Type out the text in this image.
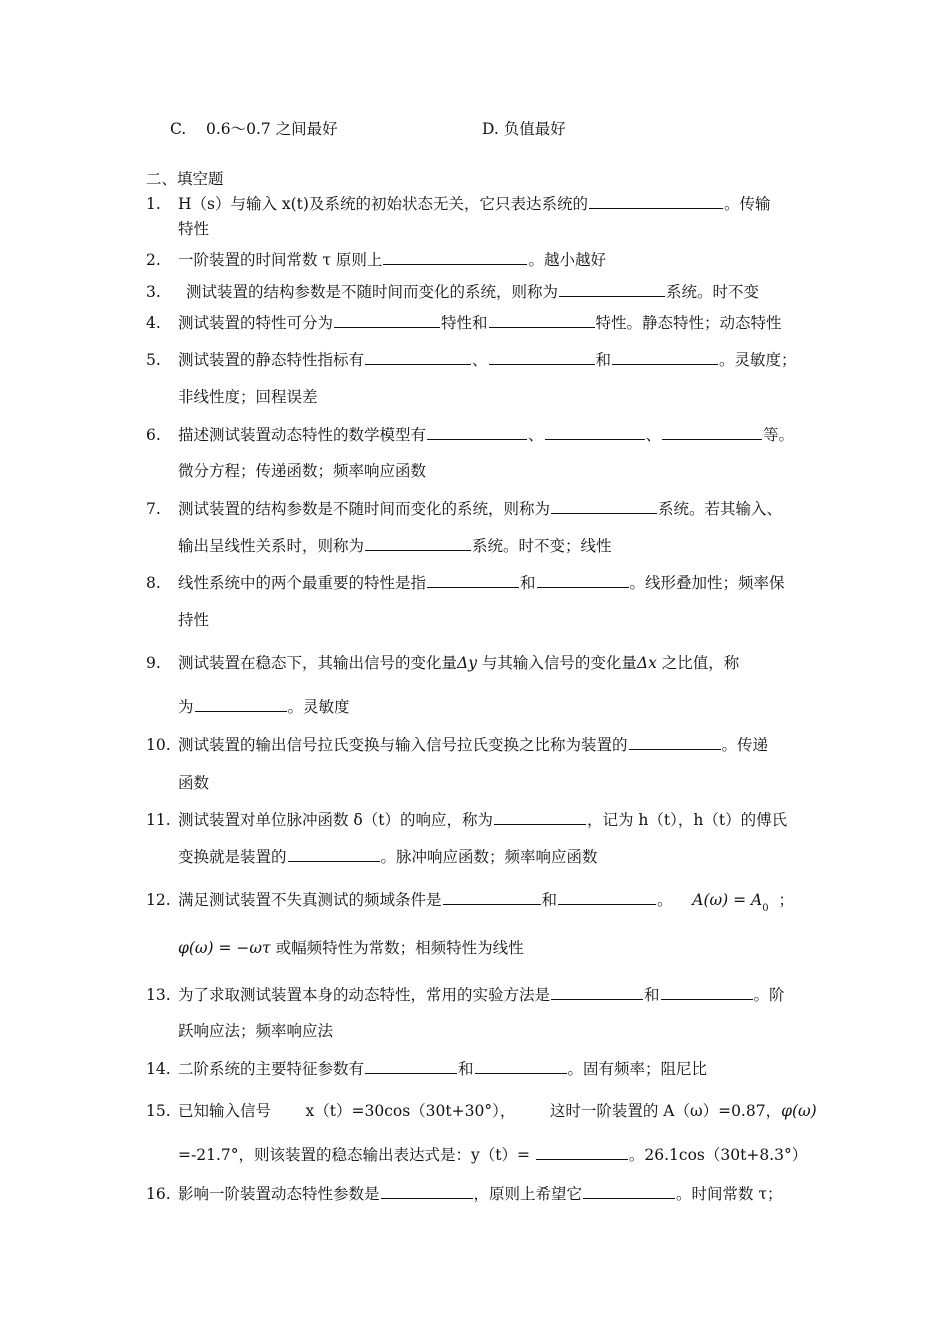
C. 0.6～0.7 之间最好	D. 负值最好
二、填空题
1. H（s）与输入 x(t)及系统的初始状态无关，它只表达系统的	。传输
特性
2. 一阶装置的时间常数 τ 原则上	。越小越好
3. 测试装置的结构参数是不随时间而变化的系统，则称为	系统。时不变
4. 测试装置的特性可分为	特性和	特性。静态特性；动态特性
5. 测试装置的静态特性指标有	、	和	。灵敏度；
非线性度；回程误差
6. 描述测试装置动态特性的数学模型有	、	、	等。
微分方程；传递函数；频率响应函数
7. 测试装置的结构参数是不随时间而变化的系统，则称为	系统。若其输入、
输出呈线性关系时，则称为	系统。时不变；线性
8. 线性系统中的两个最重要的特性是指	和	。线形叠加性；频率保
持性
9. 测试装置在稳态下，其输出信号的变化量Δy 与其输入信号的变化量Δx 之比值，称
为	。灵敏度
10. 测试装置的输出信号拉氏变换与输入信号拉氏变换之比称为装置的	。传递
函数
11. 测试装置对单位脉冲函数 δ（t）的响应，称为	，记为 h（t），h（t）的傅氏
变换就是装置的	。脉冲响应函数；频率响应函数
12. 满足测试装置不失真测试的频域条件是	和	。 $A(\omega) = A_0$ ；
φ(ω) = −ωτ 或幅频特性为常数；相频特性为线性
13. 为了求取测试装置本身的动态特性，常用的实验方法是	和	。阶
跃响应法；频率响应法
14. 二阶系统的主要特征参数有	和	。固有频率；阻尼比
15. 已知输入信号 x（t）=30cos（30t+30°）， 这时一阶装置的 A（ω）=0.87，φ(ω)
=-21.7°，则该装置的稳态输出表达式是：y（t）=	。26.1cos（30t+8.3°）
16. 影响一阶装置动态特性参数是	，原则上希望它	。时间常数 τ；
